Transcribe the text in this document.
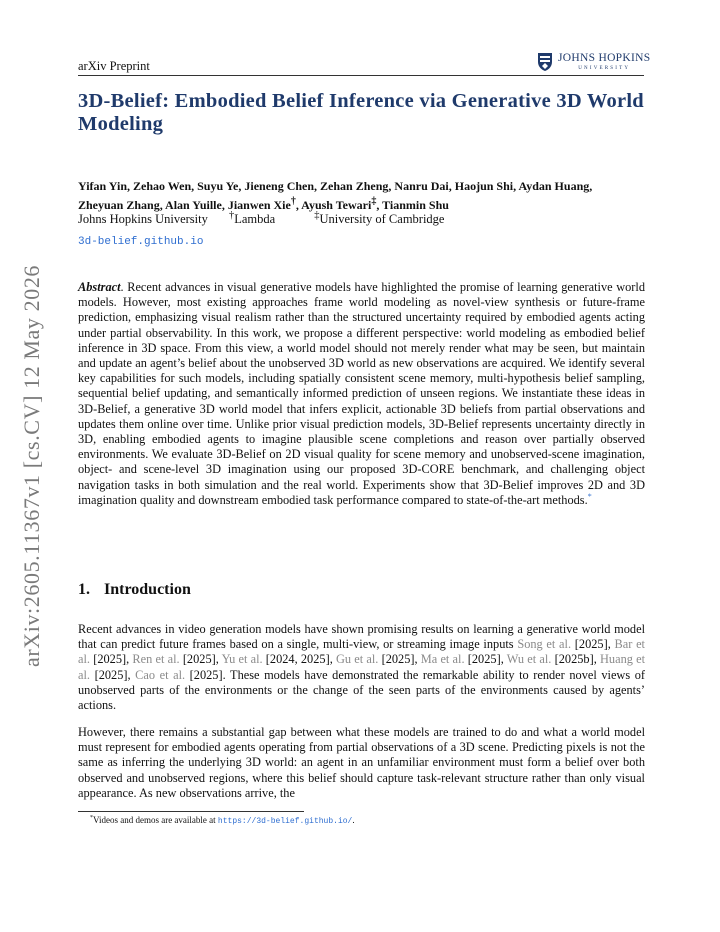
arXiv:2605.11367v1 [cs.CV] 12 May 2026
arXiv Preprint
JOHNS HOPKINS
UNIVERSITY
3D-Belief: Embodied Belief Inference via Generative 3D World Modeling
Yifan Yin, Zehao Wen, Suyu Ye, Jieneng Chen, Zehan Zheng, Nanru Dai, Haojun Shi, Aydan Huang,
Zheyuan Zhang, Alan Yuille, Jianwen Xie†, Ayush Tewari‡, Tianmin Shu
Johns Hopkins University †Lambda	‡University of Cambridge
3d-belief.github.io

Abstract. Recent advances in visual generative models have highlighted the promise of learning generative world models. However, most existing approaches frame world modeling as novel-view synthesis or future-frame prediction, emphasizing visual realism rather than the structured uncertainty required by embodied agents acting under partial observability. In this work, we propose a different perspective: world modeling as embodied belief inference in 3D space. From this view, a world model should not merely render what may be seen, but maintain and update an agent’s belief about the unobserved 3D world as new observations are acquired. We identify several key capabilities for such models, including spatially consistent scene memory, multi-hypothesis belief sampling, sequential belief updating, and semantically informed prediction of unseen regions. We instantiate these ideas in 3D-Belief, a generative 3D world model that infers explicit, actionable 3D beliefs from partial observations and updates them online over time. Unlike prior visual prediction models, 3D-Belief represents uncertainty directly in 3D, enabling embodied agents to imagine plausible scene completions and reason over partially observed environments. We evaluate 3D-Belief on 2D visual quality for scene memory and unobserved-scene imagination, object- and scene-level 3D imagination using our proposed 3D-CORE benchmark, and challenging object navigation tasks in both simulation and the real world. Experiments show that 3D-Belief improves 2D and 3D imagination quality and downstream embodied task performance compared to state-of-the-art methods.*

1. Introduction

Recent advances in video generation models have shown promising results on learning a generative world model that can predict future frames based on a single, multi-view, or streaming image inputs Song et al. [2025], Bar et al. [2025], Ren et al. [2025], Yu et al. [2024, 2025], Gu et al. [2025], Ma et al. [2025], Wu et al. [2025b], Huang et al. [2025], Cao et al. [2025]. These models have demonstrated the remarkable ability to render novel views of unobserved parts of the environments or the change of the seen parts of the environments caused by agents’ actions.

However, there remains a substantial gap between what these models are trained to do and what a world model must represent for embodied agents operating from partial observations of a 3D scene. Predicting pixels is not the same as inferring the underlying 3D world: an agent in an unfamiliar environment must form a belief over both observed and unobserved regions, where this belief should capture task-relevant structure rather than only visual appearance. As new observations arrive, the

*Videos and demos are available at https://3d-belief.github.io/.
